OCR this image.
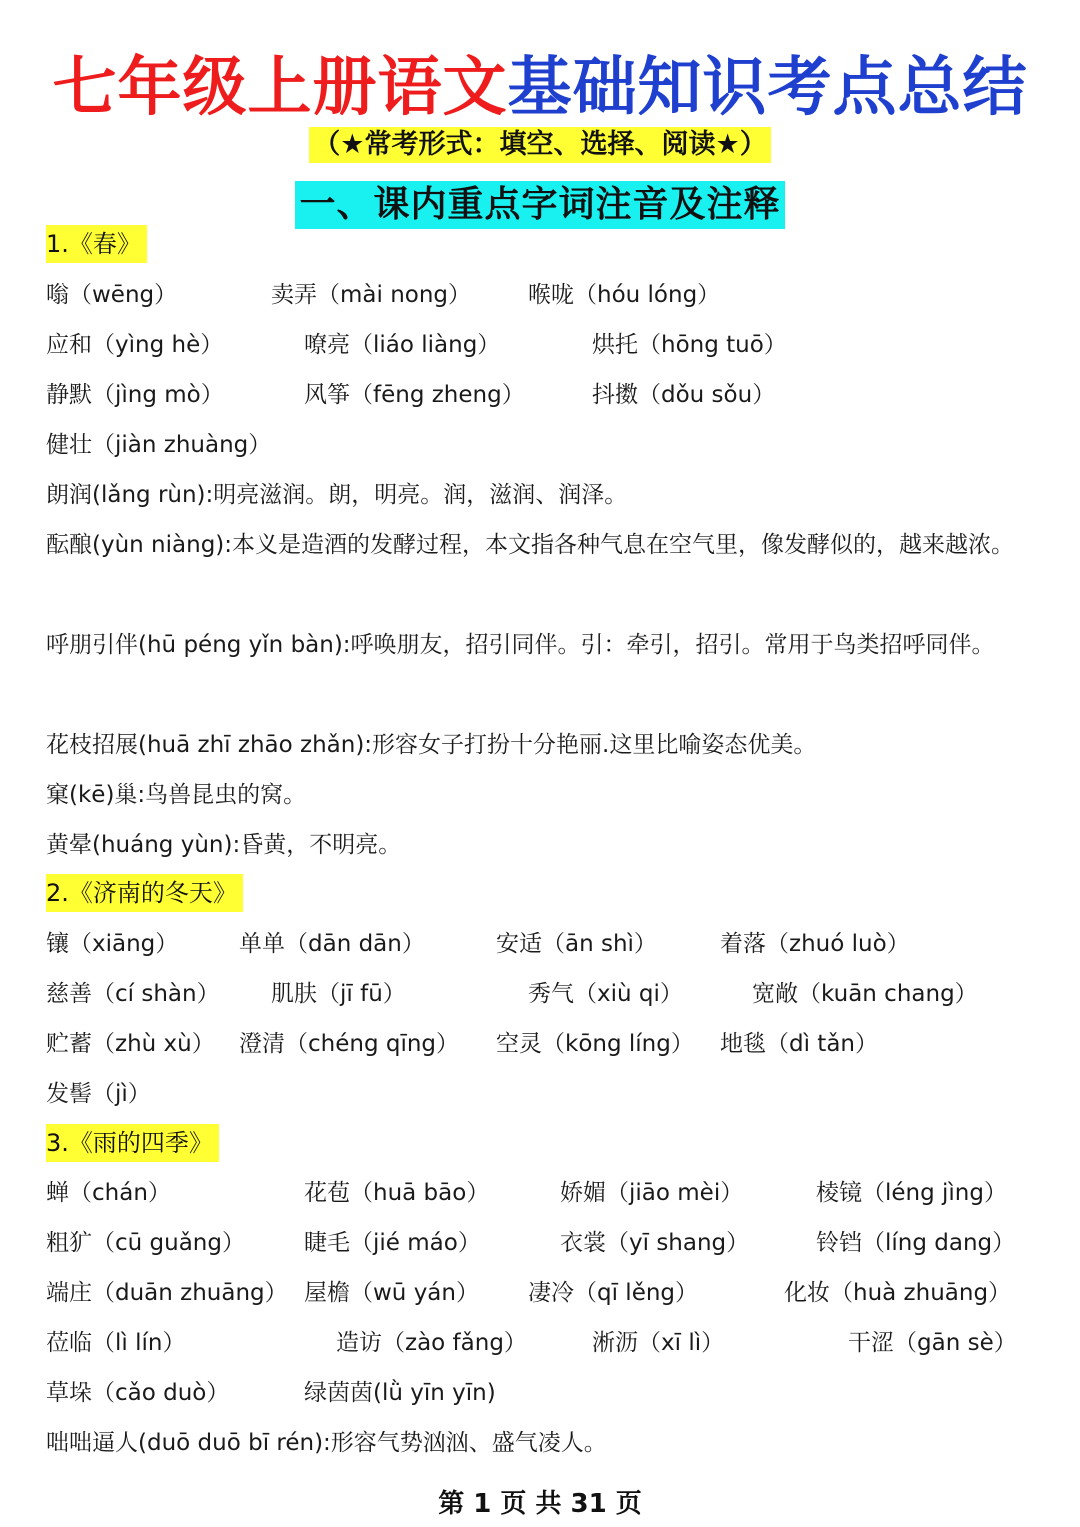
七年级上册语文基础知识考点总结
（★常考形式：填空、选择、阅读★）
一、课内重点字词注音及注释
1.《春》
嗡（wēng）	卖弄（mài nong） 喉咙（hóu lóng）
应和（yìng hè）	嘹亮（liáo liàng）	烘托（hōng tuō）
静默（jìng mò）	风筝（fēng zheng）	抖擞（dǒu sǒu）
健壮（jiàn zhuàng）
朗润(lǎng rùn):明亮滋润。朗，明亮。润，滋润、润泽。
酝酿(yùn niàng):本义是造酒的发酵过程，本文指各种气息在空气里，像发酵似的，越来越浓。
呼朋引伴(hū péng yǐn bàn):呼唤朋友，招引同伴。引：牵引，招引。常用于鸟类招呼同伴。
花枝招展(huā zhī zhāo zhǎn):形容女子打扮十分艳丽.这里比喻姿态优美。
窠(kē)巢:鸟兽昆虫的窝。
黄晕(huáng yùn):昏黄，不明亮。
2.《济南的冬天》
镶（xiāng）	单单（dān dān）	安适（ān shì）	着落（zhuó luò）
慈善（cí shàn） 肌肤（jī fū）	秀气（xiù qi）	宽敞（kuān chang）
贮蓄（zhù xù） 澄清（chéng qīng） 空灵（kōng líng） 地毯（dì tǎn）
发髻（jì）
3.《雨的四季》
蝉（chán）	花苞（huā bāo）	娇媚（jiāo mèi）	棱镜（léng jìng）
粗犷（cū guǎng）	睫毛（jié máo）	衣裳（yī shang）	铃铛（líng dang）
端庄（duān zhuāng） 屋檐（wū yán） 凄冷（qī lěng）	化妆（huà zhuāng）
莅临（lì lín）	造访（zào fǎng）	淅沥（xī lì）	干涩（gān sè）
草垛（cǎo duò）	绿茵茵(lǜ yīn yīn)
咄咄逼人(duō duō bī rén):形容气势汹汹、盛气凌人。
第 1 页 共 31 页
